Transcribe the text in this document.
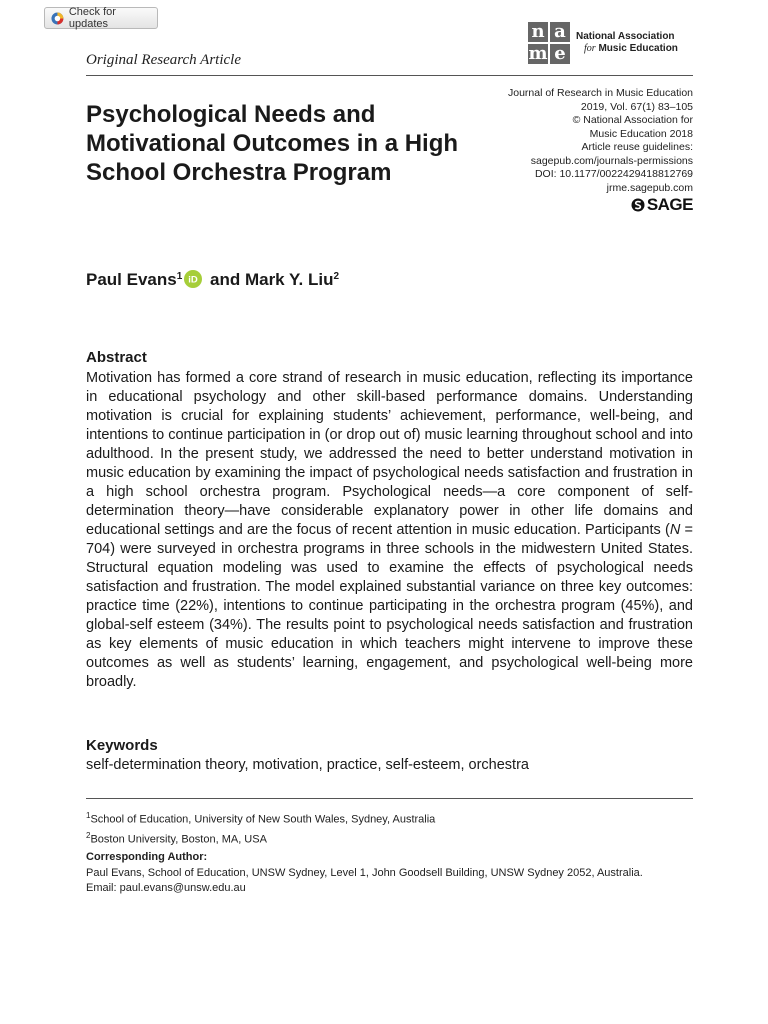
Check for updates
Original Research Article
n a
m e
National Association
for Music Education
Psychological Needs and Motivational Outcomes in a High School Orchestra Program
Journal of Research in Music Education
2019, Vol. 67(1) 83–105
© National Association for
Music Education 2018
Article reuse guidelines:
sagepub.com/journals-permissions
DOI: 10.1177/0022429418812769
jrme.sagepub.com
SAGE
Paul Evans 1 iD and Mark Y. Liu 2
Abstract

Motivation has formed a core strand of research in music education, reflecting its importance in educational psychology and other skill-based performance domains. Understanding motivation is crucial for explaining students’ achievement, performance, well-being, and intentions to continue participation in (or drop out of) music learning throughout school and into adulthood. In the present study, we addressed the need to better understand motivation in music education by examining the impact of psychological needs satisfaction and frustration in a high school orchestra program. Psychological needs—a core component of self-determination theory—have considerable explanatory power in other life domains and educational settings and are the focus of recent attention in music education. Participants (N = 704) were surveyed in orchestra programs in three schools in the midwestern United States. Structural equation modeling was used to examine the effects of psychological needs satisfaction and frustration. The model explained substantial variance on three key outcomes: practice time (22%), intentions to continue participating in the orchestra program (45%), and global-self esteem (34%). The results point to psychological needs satisfaction and frustration as key elements of music education in which teachers might intervene to improve these outcomes as well as students’ learning, engagement, and psychological well-being more broadly.

Keywords
self-determination theory, motivation, practice, self-esteem, orchestra
$^1$School of Education, University of New South Wales, Sydney, Australia
$^2$Boston University, Boston, MA, USA
Corresponding Author:
Paul Evans, School of Education, UNSW Sydney, Level 1, John Goodsell Building, UNSW Sydney 2052, Australia.
Email: paul.evans@unsw.edu.au
